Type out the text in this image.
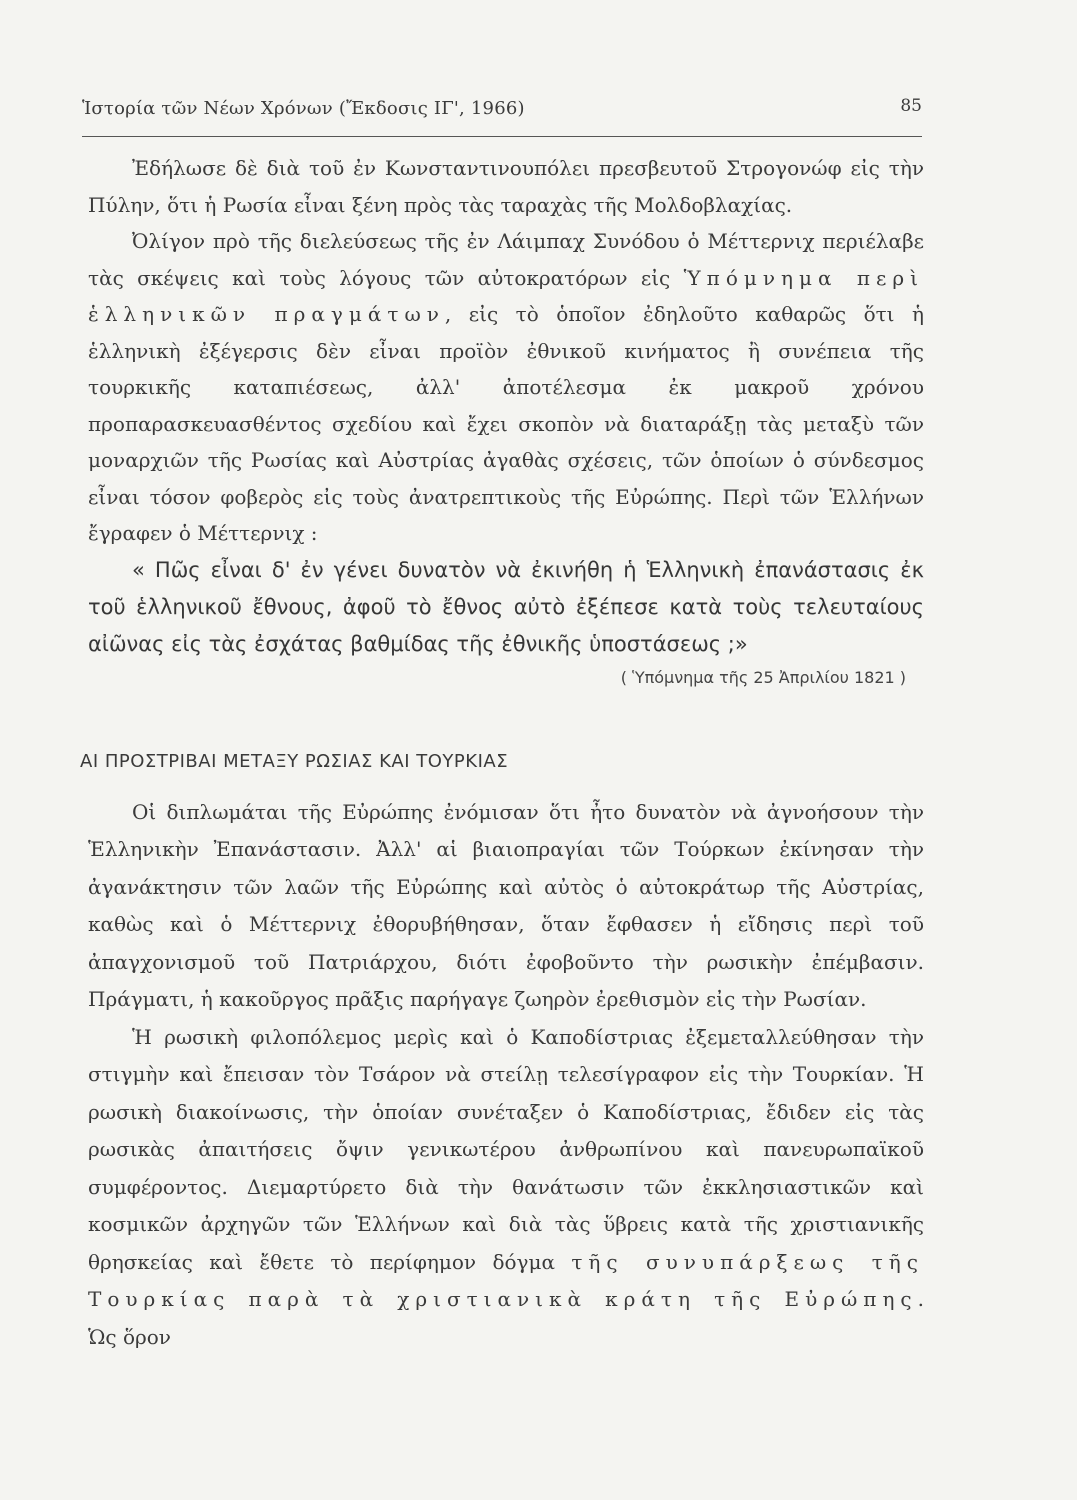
Ἱστορία τῶν Νέων Χρόνων (Ἔκδοσις ΙΓ', 1966)	85

Ἐδήλωσε δὲ διὰ τοῦ ἐν Κωνσταντινουπόλει πρεσβευτοῦ Στρογονώφ εἰς τὴν Πύλην, ὅτι ἡ Ρωσία εἶναι ξένη πρὸς τὰς ταραχὰς τῆς Μολδοβλαχίας.

Ὀλίγον πρὸ τῆς διελεύσεως τῆς ἐν Λάιμπαχ Συνόδου ὁ Μέττερνιχ περιέλαβε τὰς σκέψεις καὶ τοὺς λόγους τῶν αὐτοκρατόρων εἰς Ὑπόμνημα περὶ ἑλληνικῶν πραγμάτων, εἰς τὸ ὁποῖον ἐδηλοῦτο καθαρῶς ὅτι ἡ ἑλληνικὴ ἐξέγερσις δὲν εἶναι προϊὸν ἐθνικοῦ κινήματος ἢ συνέπεια τῆς τουρκικῆς καταπιέσεως, ἀλλ' ἀποτέλεσμα ἐκ μακροῦ χρόνου προπαρασκευασθέντος σχεδίου καὶ ἔχει σκοπὸν νὰ διαταράξῃ τὰς μεταξὺ τῶν μοναρχιῶν τῆς Ρωσίας καὶ Αὐστρίας ἀγαθὰς σχέσεις, τῶν ὁποίων ὁ σύνδεσμος εἶναι τόσον φοβερὸς εἰς τοὺς ἀνατρεπτικοὺς τῆς Εὐρώπης. Περὶ τῶν Ἑλλήνων ἔγραφεν ὁ Μέττερνιχ :

« Πῶς εἶναι δ' ἐν γένει δυνατὸν νὰ ἐκινήθη ἡ Ἑλληνικὴ ἐπανάστασις ἐκ τοῦ ἑλληνικοῦ ἔθνους, ἀφοῦ τὸ ἔθνος αὐτὸ ἐξέπεσε κατὰ τοὺς τελευταίους αἰῶνας εἰς τὰς ἐσχάτας βαθμίδας τῆς ἐθνικῆς ὑποστάσεως ;»

( Ὑπόμνημα τῆς 25 Ἀπριλίου 1821 )

ΑΙ ΠΡΟΣΤΡΙΒΑΙ ΜΕΤΑΞΥ ΡΩΣΙΑΣ ΚΑΙ ΤΟΥΡΚΙΑΣ

Οἱ διπλωμάται τῆς Εὐρώπης ἐνόμισαν ὅτι ἦτο δυνατὸν νὰ ἀγνοήσουν τὴν Ἑλληνικὴν Ἐπανάστασιν. Ἀλλ' αἱ βιαιοπραγίαι τῶν Τούρκων ἐκίνησαν τὴν ἀγανάκτησιν τῶν λαῶν τῆς Εὐρώπης καὶ αὐτὸς ὁ αὐτοκράτωρ τῆς Αὐστρίας, καθὼς καὶ ὁ Μέττερνιχ ἐθορυβήθησαν, ὅταν ἔφθασεν ἡ εἴδησις περὶ τοῦ ἀπαγχονισμοῦ τοῦ Πατριάρχου, διότι ἐφοβοῦντο τὴν ρωσικὴν ἐπέμβασιν. Πράγματι, ἡ κακοῦργος πρᾶξις παρήγαγε ζωηρὸν ἐρεθισμὸν εἰς τὴν Ρωσίαν.

Ἡ ρωσικὴ φιλοπόλεμος μερὶς καὶ ὁ Καποδίστριας ἐξεμεταλλεύθησαν τὴν στιγμὴν καὶ ἔπεισαν τὸν Τσάρον νὰ στείλῃ τελεσίγραφον εἰς τὴν Τουρκίαν. Ἡ ρωσικὴ διακοίνωσις, τὴν ὁποίαν συνέταξεν ὁ Καποδίστριας, ἔδιδεν εἰς τὰς ρωσικὰς ἀπαιτήσεις ὄψιν γενικωτέρου ἀνθρωπίνου καὶ πανευρωπαϊκοῦ συμφέροντος. Διεμαρτύρετο διὰ τὴν θανάτωσιν τῶν ἐκκλησιαστικῶν καὶ κοσμικῶν ἀρχηγῶν τῶν Ἑλλήνων καὶ διὰ τὰς ὕβρεις κατὰ τῆς χριστιανικῆς θρησκείας καὶ ἔθετε τὸ περίφημον δόγμα τῆς συνυπάρξεως τῆς Τουρκίας παρὰ τὰ χριστιανικὰ κράτη τῆς Εὐρώπης. Ὡς ὅρον
